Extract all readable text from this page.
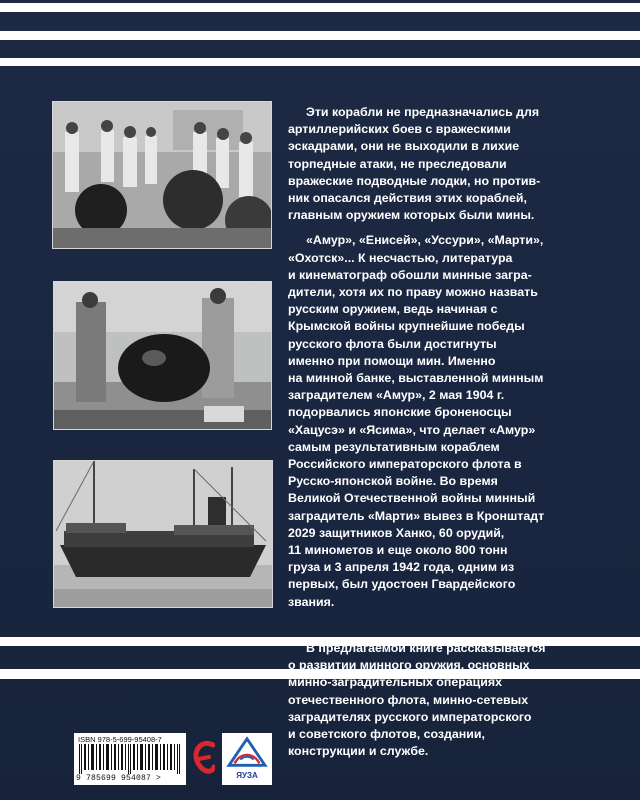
Эти корабли не предназначались для
артиллерийских боев с вражескими
эскадрами, они не выходили в лихие
торпедные атаки, не преследовали
вражеские подводные лодки, но против-
ник опасался действия этих кораблей,
главным оружием которых были мины.

«Амур», «Енисей», «Уссури», «Марти»,
«Охотск»... К несчастью, литература
и кинематограф обошли минные загра-
дители, хотя их по праву можно назвать
русским оружием, ведь начиная с
Крымской войны крупнейшие победы
русского флота были достигнуты
именно при помощи мин. Именно
на минной банке, выставленной минным
заградителем «Амур», 2 мая 1904 г.
подорвались японские броненосцы
«Хацусэ» и «Ясима», что делает «Амур»
самым результативным кораблем
Российского императорского флота в
Русско-японской войне. Во время
Великой Отечественной войны минный
заградитель «Марти» вывез в Кронштадт
2029 защитников Ханко, 60 орудий,
11 минометов и еще около 800 тонн
груза и 3 апреля 1942 года, одним из
первых, был удостоен Гвардейского
звания.

В предлагаемой книге рассказывается
о развитии минного оружия, основных
минно-заградительных операциях
отечественного флота, минно-сетевых
заградителях русского императорского
и советского флотов, создании,
конструкции и службе.
ISBN 978-5-699-95408-7
9 785699 954087 >	ЯУЗА
